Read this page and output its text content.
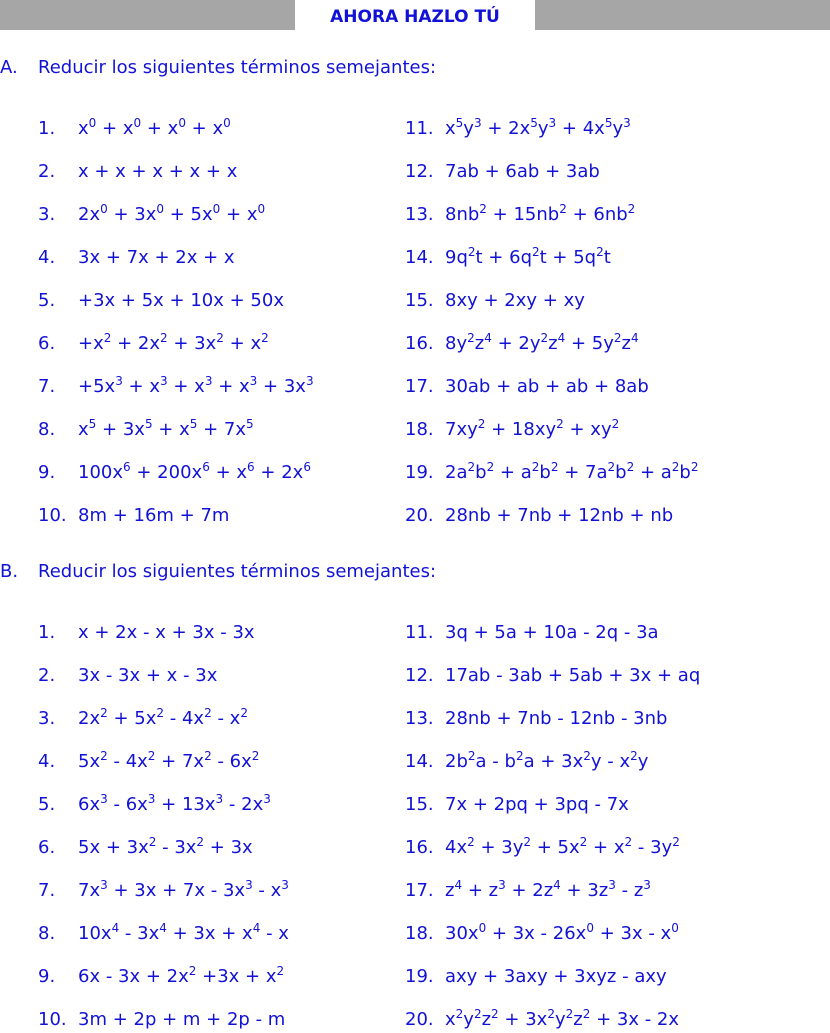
AHORA HAZLO TÚ
A. Reducir los siguientes términos semejantes:
1. $x^0 + x^0 + x^0 + x^0$
2. x + x + x + x + x
3. $2x^0 + 3x^0 + 5x^0 + x^0$
4. 3x + 7x + 2x + x
5. +3x + 5x + 10x + 50x
6. $+x^2 + 2x^2 + 3x^2 + x^2$
7. $+5x^3 + x^3 + x^3 + x^3 + 3x^3$
8. $x^5 + 3x^5 + x^5 + 7x^5$
9. $100x^6 + 200x^6 + x^6 + 2x^6$
10. 8m + 16m + 7m
11. $x^5y^3 + 2x^5y^3 + 4x^5y^3$
12. 7ab + 6ab + 3ab
13. $8nb^2 + 15nb^2 + 6nb^2$
14. $9q^2t + 6q^2t + 5q^2t$
15. 8xy + 2xy + xy
16. $8y^2z^4 + 2y^2z^4 + 5y^2z^4$
17. 30ab + ab + ab + 8ab
18. $7xy^2 + 18xy^2 + xy^2$
19. $2a^2b^2 + a^2b^2 + 7a^2b^2 + a^2b^2$
20. 28nb + 7nb + 12nb + nb
B. Reducir los siguientes términos semejantes:
1. x + 2x - x + 3x - 3x
2. 3x - 3x + x - 3x
3. $2x^2 + 5x^2 - 4x^2 - x^2$
4. $5x^2 - 4x^2 + 7x^2 - 6x^2$
5. $6x^3 - 6x^3 + 13x^3 - 2x^3$
6. $5x + 3x^2 - 3x^2 + 3x$
7. $7x^3 + 3x + 7x - 3x^3 - x^3$
8. $10x^4 - 3x^4 + 3x + x^4 - x$
9. $6x - 3x + 2x^2 +3x + x^2$
10. 3m + 2p + m + 2p - m
11. 3q + 5a + 10a - 2q - 3a
12. 17ab - 3ab + 5ab + 3x + aq
13. 28nb + 7nb - 12nb - 3nb
14. $2b^2a - b^2a + 3x^2y - x^2y$
15. 7x + 2pq + 3pq - 7x
16. $4x^2 + 3y^2 + 5x^2 + x^2 - 3y^2$
17. $z^4 + z^3 + 2z^4 + 3z^3 - z^3$
18. $30x^0 + 3x - 26x^0 + 3x - x^0$
19. axy + 3axy + 3xyz - axy
20. $x^2y^2z^2 + 3x^2y^2z^2 + 3x - 2x$
